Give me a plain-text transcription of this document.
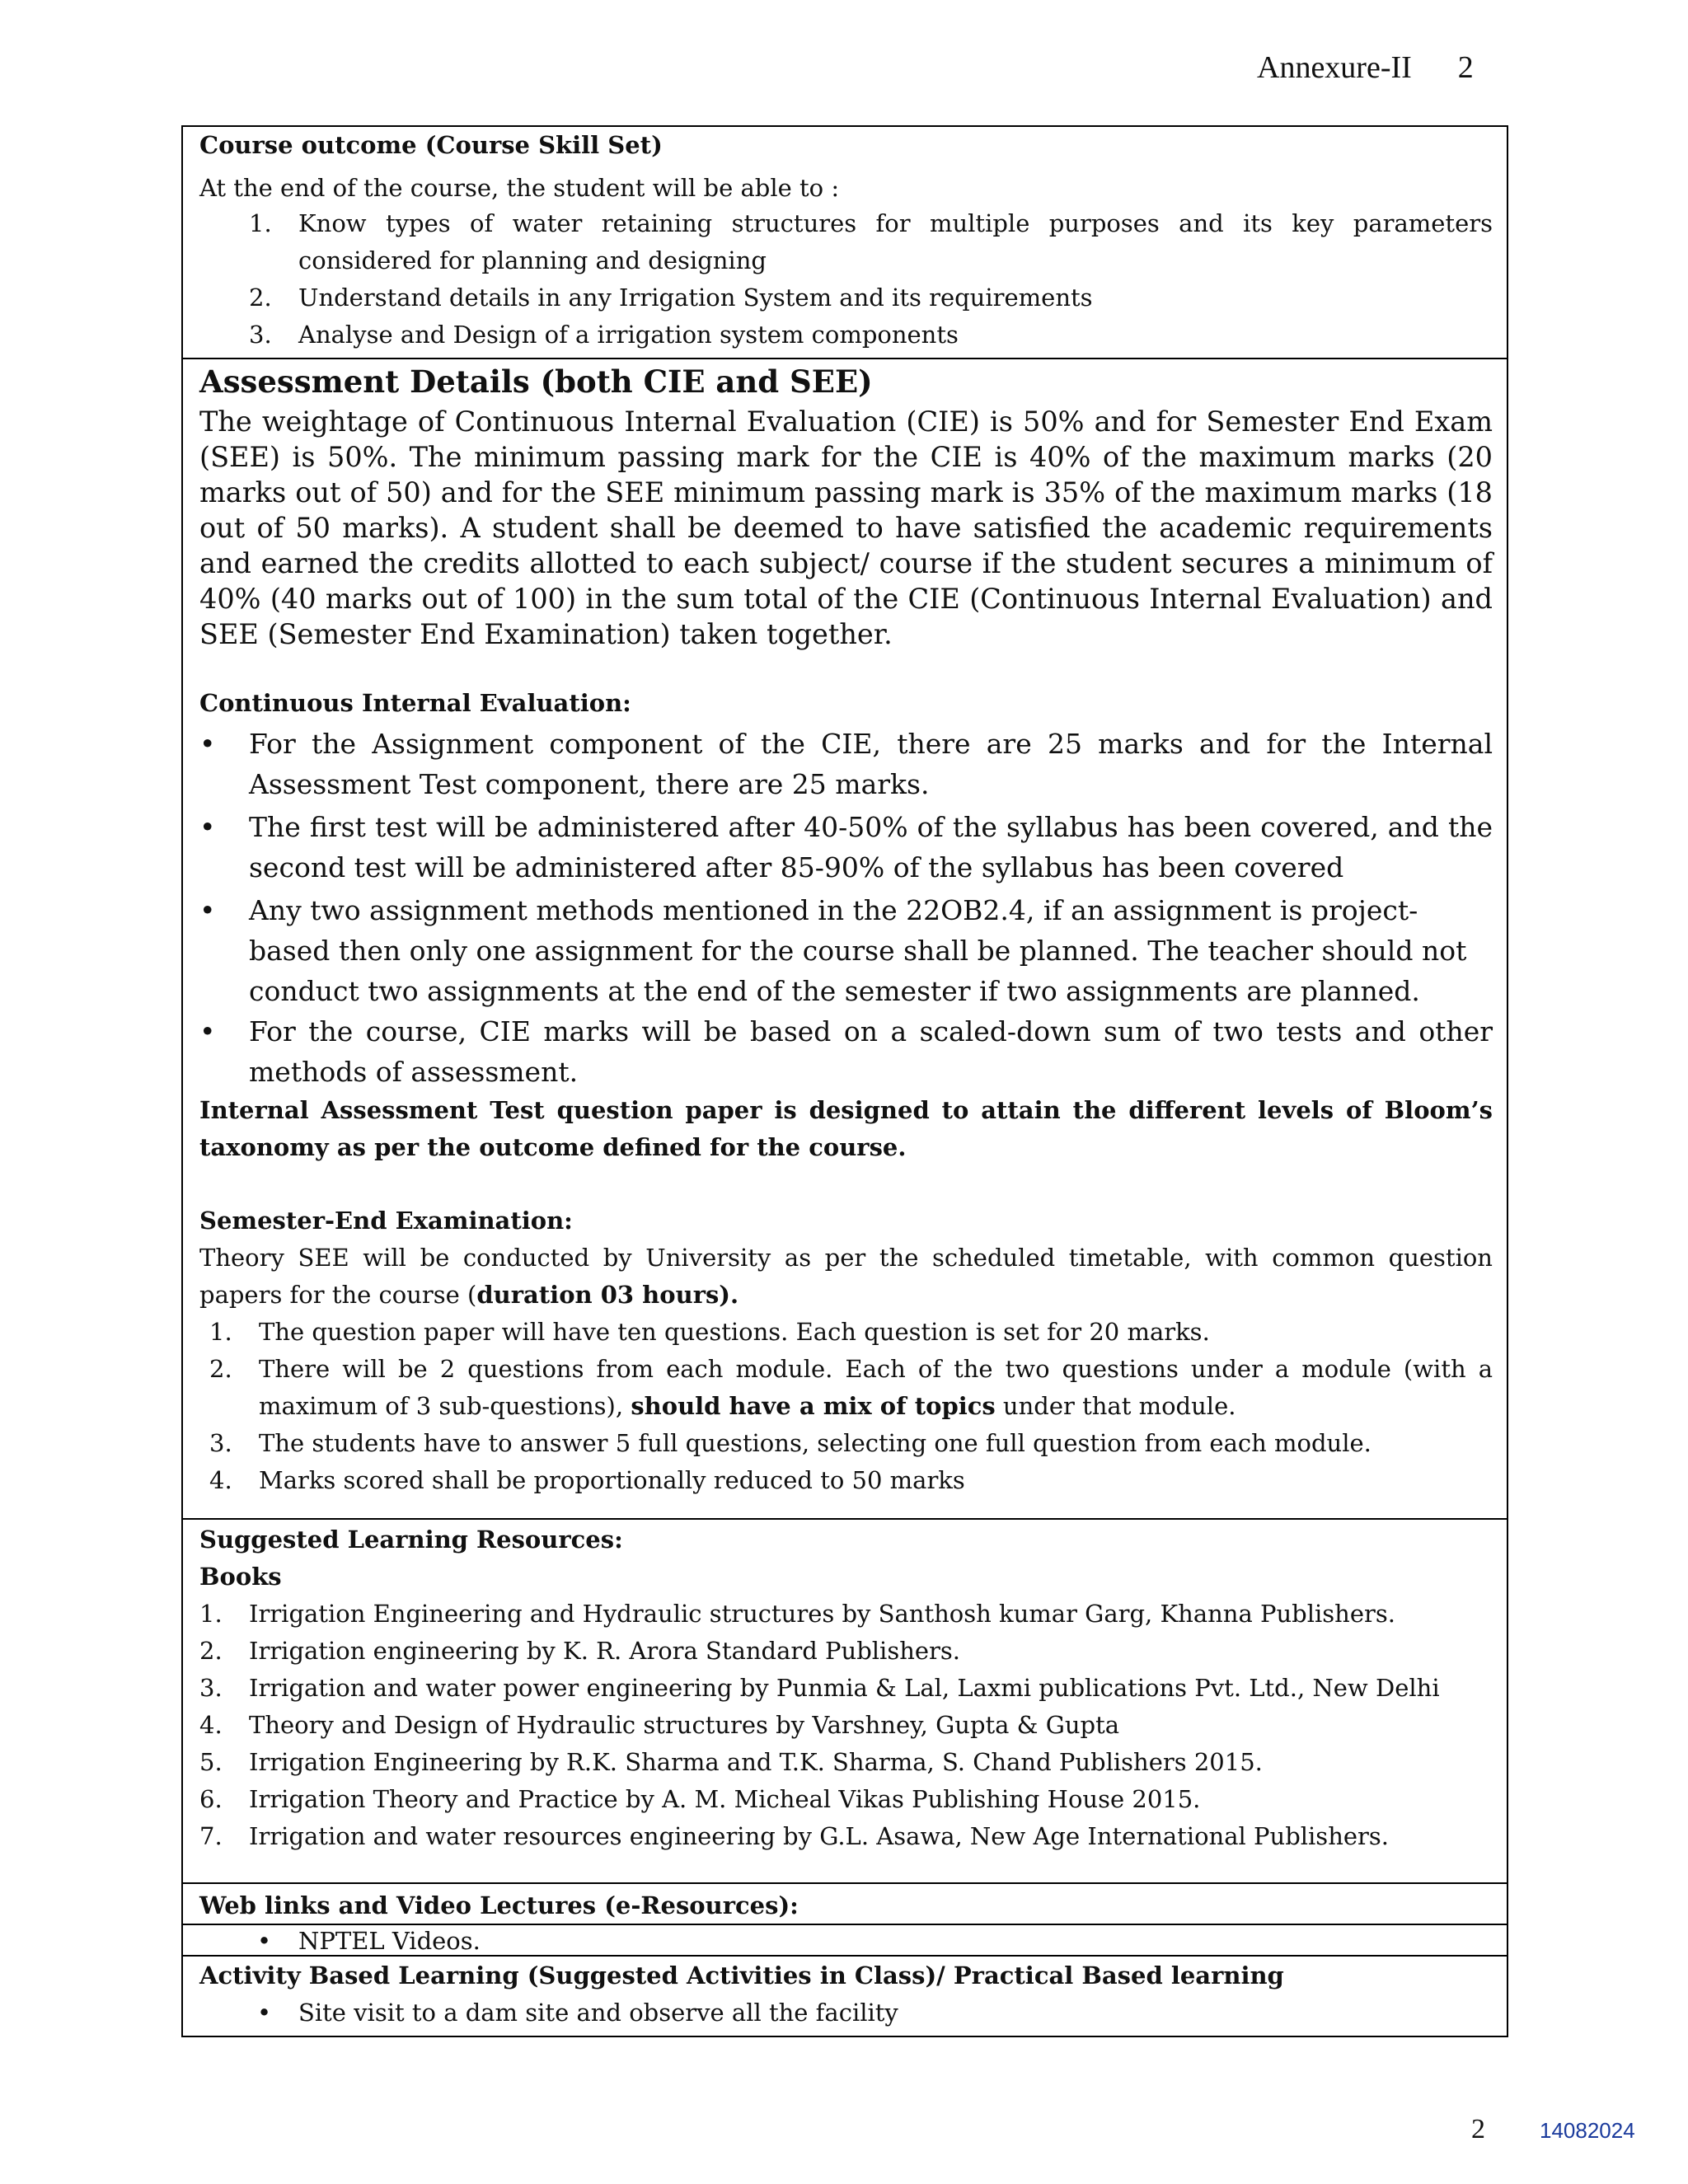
Annexure-II 2
Course outcome (Course Skill Set)
At the end of the course, the student will be able to :
1. Know types of water retaining structures for multiple purposes and its key parameters considered for planning and designing
2. Understand details in any Irrigation System and its requirements
3. Analyse and Design of a irrigation system components
Assessment Details (both CIE and SEE)
The weightage of Continuous Internal Evaluation (CIE) is 50% and for Semester End Exam (SEE) is 50%. The minimum passing mark for the CIE is 40% of the maximum marks (20 marks out of 50) and for the SEE minimum passing mark is 35% of the maximum marks (18 out of 50 marks). A student shall be deemed to have satisfied the academic requirements and earned the credits allotted to each subject/ course if the student secures a minimum of 40% (40 marks out of 100) in the sum total of the CIE (Continuous Internal Evaluation) and SEE (Semester End Examination) taken together.
Continuous Internal Evaluation:
• For the Assignment component of the CIE, there are 25 marks and for the Internal Assessment Test component, there are 25 marks.
• The first test will be administered after 40-50% of the syllabus has been covered, and the second test will be administered after 85-90% of the syllabus has been covered
• Any two assignment methods mentioned in the 22OB2.4, if an assignment is project-based then only one assignment for the course shall be planned. The teacher should not conduct two assignments at the end of the semester if two assignments are planned.
• For the course, CIE marks will be based on a scaled-down sum of two tests and other methods of assessment.
Internal Assessment Test question paper is designed to attain the different levels of Bloom’s taxonomy as per the outcome defined for the course.
Semester-End Examination:
Theory SEE will be conducted by University as per the scheduled timetable, with common question papers for the course (duration 03 hours).
1. The question paper will have ten questions. Each question is set for 20 marks.
2. There will be 2 questions from each module. Each of the two questions under a module (with a maximum of 3 sub-questions), should have a mix of topics under that module.
3. The students have to answer 5 full questions, selecting one full question from each module.
4. Marks scored shall be proportionally reduced to 50 marks
Suggested Learning Resources:
Books
1. Irrigation Engineering and Hydraulic structures by Santhosh kumar Garg, Khanna Publishers.
2. Irrigation engineering by K. R. Arora Standard Publishers.
3. Irrigation and water power engineering by Punmia & Lal, Laxmi publications Pvt. Ltd., New Delhi
4. Theory and Design of Hydraulic structures by Varshney, Gupta & Gupta
5. Irrigation Engineering by R.K. Sharma and T.K. Sharma, S. Chand Publishers 2015.
6. Irrigation Theory and Practice by A. M. Micheal Vikas Publishing House 2015.
7. Irrigation and water resources engineering by G.L. Asawa, New Age International Publishers.
Web links and Video Lectures (e-Resources):
• NPTEL Videos.
Activity Based Learning (Suggested Activities in Class)/ Practical Based learning
• Site visit to a dam site and observe all the facility
2	14082024
